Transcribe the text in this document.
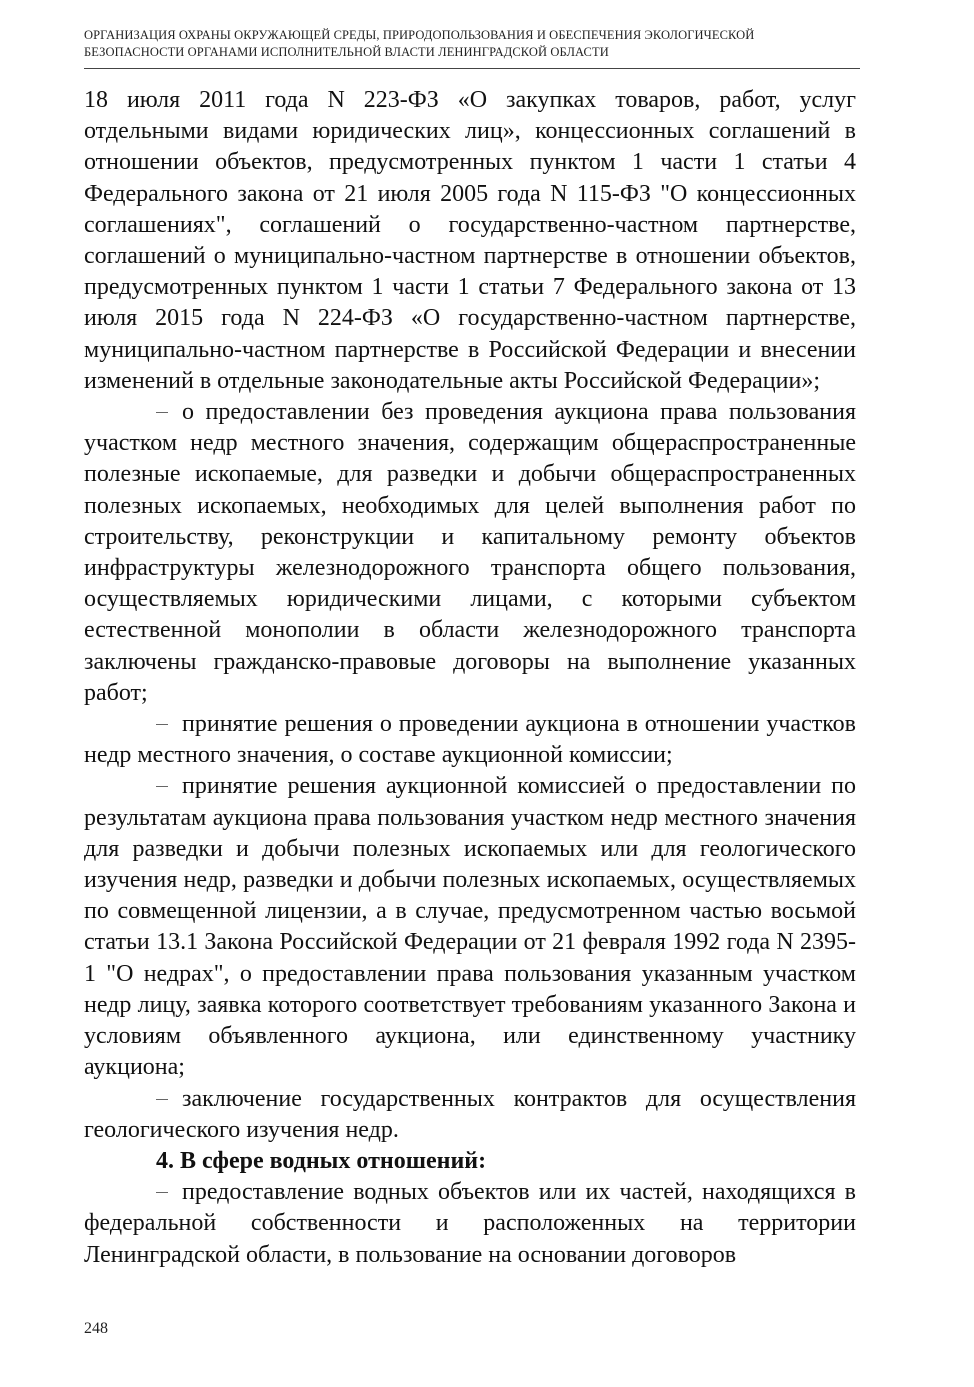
ОРГАНИЗАЦИЯ ОХРАНЫ ОКРУЖАЮЩЕЙ СРЕДЫ, ПРИРОДОПОЛЬЗОВАНИЯ И ОБЕСПЕЧЕНИЯ ЭКОЛОГИЧЕСКОЙ
БЕЗОПАСНОСТИ ОРГАНАМИ ИСПОЛНИТЕЛЬНОЙ ВЛАСТИ ЛЕНИНГРАДСКОЙ ОБЛАСТИ

18 июля 2011 года N 223-ФЗ «О закупках товаров, работ, услуг отдельными видами юридических лиц», концессионных соглашений в отношении объектов, предусмотренных пунктом 1 части 1 статьи 4 Федерального закона от 21 июля 2005 года N 115-ФЗ "О концессионных соглашениях", соглашений о государственно-частном партнерстве, соглашений о муниципально-частном партнерстве в отношении объектов, предусмотренных пунктом 1 части 1 статьи 7 Федерального закона от 13 июля 2015 года N 224-ФЗ «О государственно-частном партнерстве, муниципально-частном партнерстве в Российской Федерации и внесении изменений в отдельные законодательные акты Российской Федерации»;

о предоставлении без проведения аукциона права пользования участком недр местного значения, содержащим общераспространенные полезные ископаемые, для разведки и добычи общераспространенных полезных ископаемых, необходимых для целей выполнения работ по строительству, реконструкции и капитальному ремонту объектов инфраструктуры железнодорожного транспорта общего пользования, осуществляемых юридическими лицами, с которыми субъектом естественной монополии в области железнодорожного транспорта заключены гражданско-правовые договоры на выполнение указанных работ;

принятие решения о проведении аукциона в отношении участков недр местного значения, о составе аукционной комиссии;

принятие решения аукционной комиссией о предоставлении по результатам аукциона права пользования участком недр местного значения для разведки и добычи полезных ископаемых или для геологического изучения недр, разведки и добычи полезных ископаемых, осуществляемых по совмещенной лицензии, а в случае, предусмотренном частью восьмой статьи 13.1 Закона Российской Федерации от 21 февраля 1992 года N 2395-1 "О недрах", о предоставлении права пользования указанным участком недр лицу, заявка которого соответствует требованиям указанного Закона и условиям объявленного аукциона, или единственному участнику аукциона;

заключение государственных контрактов для осуществления геологического изучения недр.

4. В сфере водных отношений:

предоставление водных объектов или их частей, находящихся в федеральной собственности и расположенных на территории Ленинградской области, в пользование на основании договоров

248
